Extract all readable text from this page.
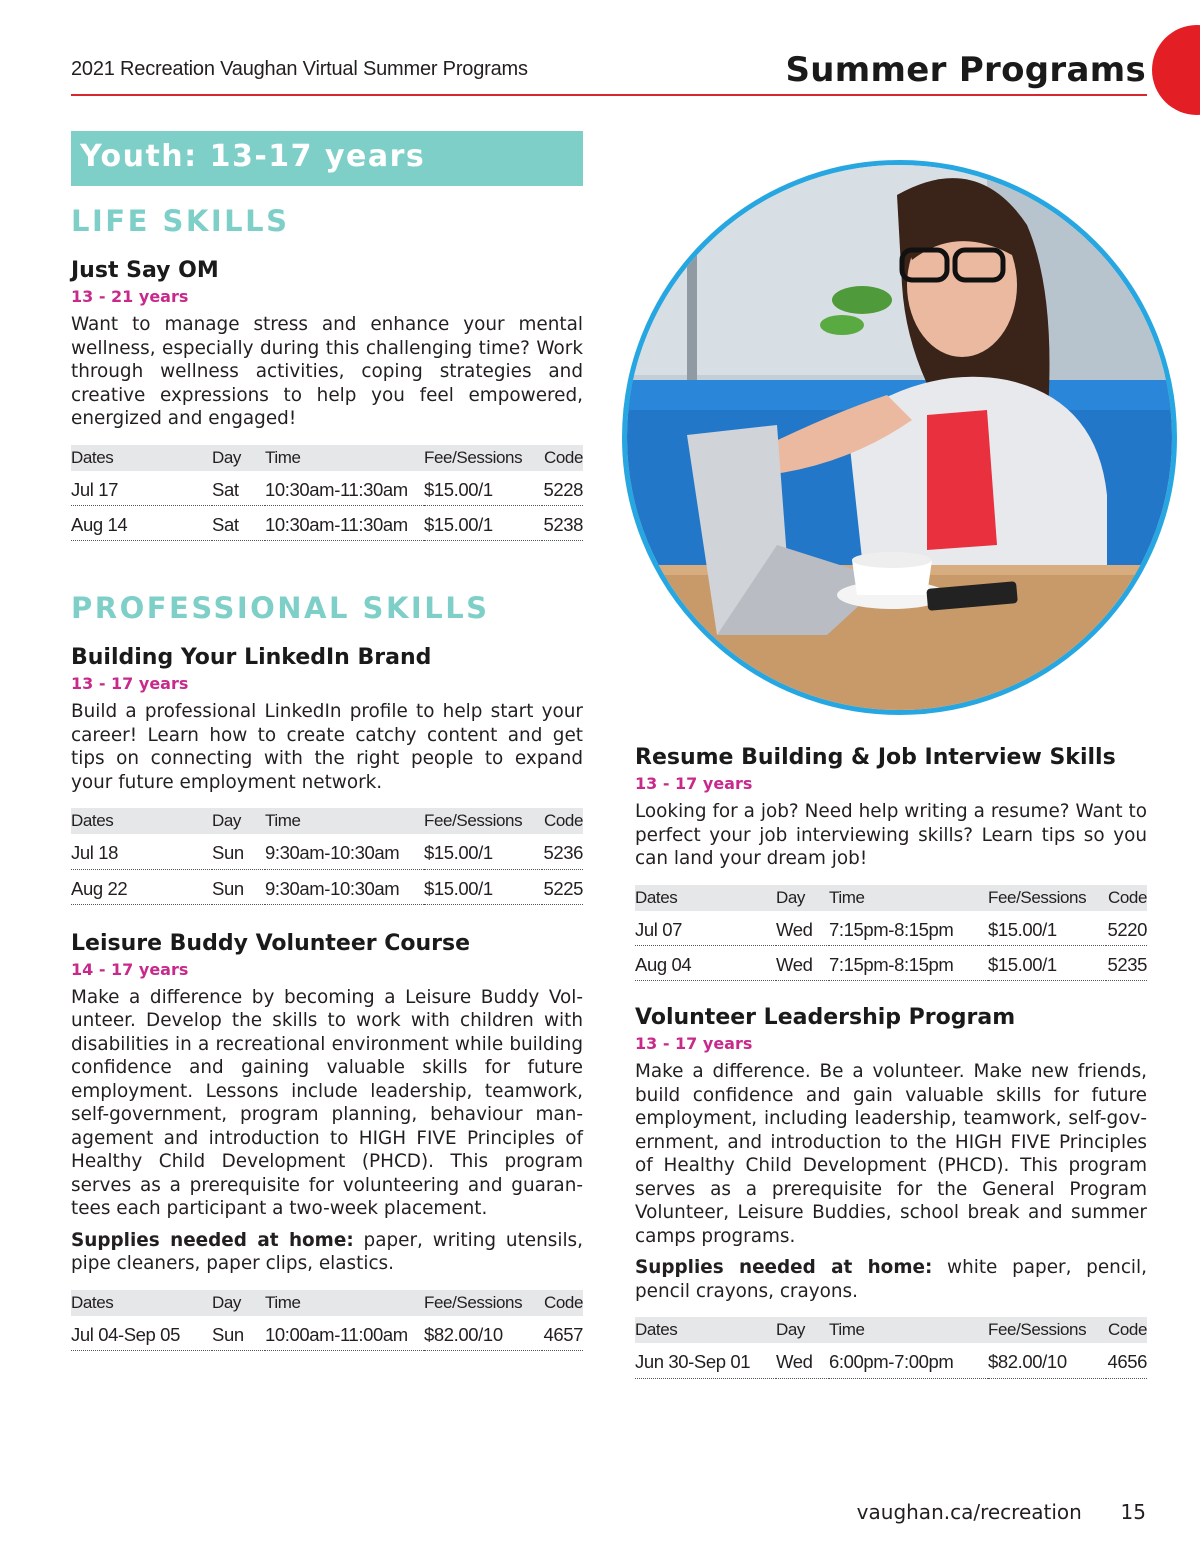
2021 Recreation Vaughan Virtual Summer Programs	Summer Programs
Youth: 13-17 years
LIFE SKILLS
Just Say OM
13 - 21 years
Want to manage stress and enhance your mental wellness, especially during this challenging time? Work through wellness activities, coping strategies and creative expressions to help you feel empowered, energized and engaged!
Dates	Day	Time	Fee/Sessions	Code
Jul 17	Sat	10:30am-11:30am	$15.00/1	5228
Aug 14	Sat	10:30am-11:30am	$15.00/1	5238
PROFESSIONAL SKILLS
Building Your LinkedIn Brand
13 - 17 years
Build a professional LinkedIn profile to help start your career! Learn how to create catchy content and get tips on connecting with the right people to expand your future employment network.
Dates	Day	Time	Fee/Sessions	Code
Jul 18	Sun	9:30am-10:30am	$15.00/1	5236
Aug 22	Sun	9:30am-10:30am	$15.00/1	5225
Leisure Buddy Volunteer Course
14 - 17 years
Make a difference by becoming a Leisure Buddy Volunteer. Develop the skills to work with children with disabilities in a recreational environment while building confidence and gaining valuable skills for future employment. Lessons include leadership, teamwork, self-government, program planning, behaviour management and introduction to HIGH FIVE Principles of Healthy Child Development (PHCD). This program serves as a prerequisite for volunteering and guarantees each participant a two-week placement.
Supplies needed at home: paper, writing utensils, pipe cleaners, paper clips, elastics.
Dates	Day	Time	Fee/Sessions	Code
Jul 04-Sep 05	Sun	10:00am-11:00am	$82.00/10	4657
Resume Building & Job Interview Skills
13 - 17 years
Looking for a job? Need help writing a resume? Want to perfect your job interviewing skills? Learn tips so you can land your dream job!
Dates	Day	Time	Fee/Sessions	Code
Jul 07	Wed	7:15pm-8:15pm	$15.00/1	5220
Aug 04	Wed	7:15pm-8:15pm	$15.00/1	5235
Volunteer Leadership Program
13 - 17 years
Make a difference. Be a volunteer. Make new friends, build confidence and gain valuable skills for future employment, including leadership, teamwork, self-government, and introduction to the HIGH FIVE Principles of Healthy Child Development (PHCD). This program serves as a prerequisite for the General Program Volunteer, Leisure Buddies, school break and summer camps programs.
Supplies needed at home: white paper, pencil, pencil crayons, crayons.
Dates	Day	Time	Fee/Sessions	Code
Jun 30-Sep 01	Wed	6:00pm-7:00pm	$82.00/10	4656
vaughan.ca/recreation 15
